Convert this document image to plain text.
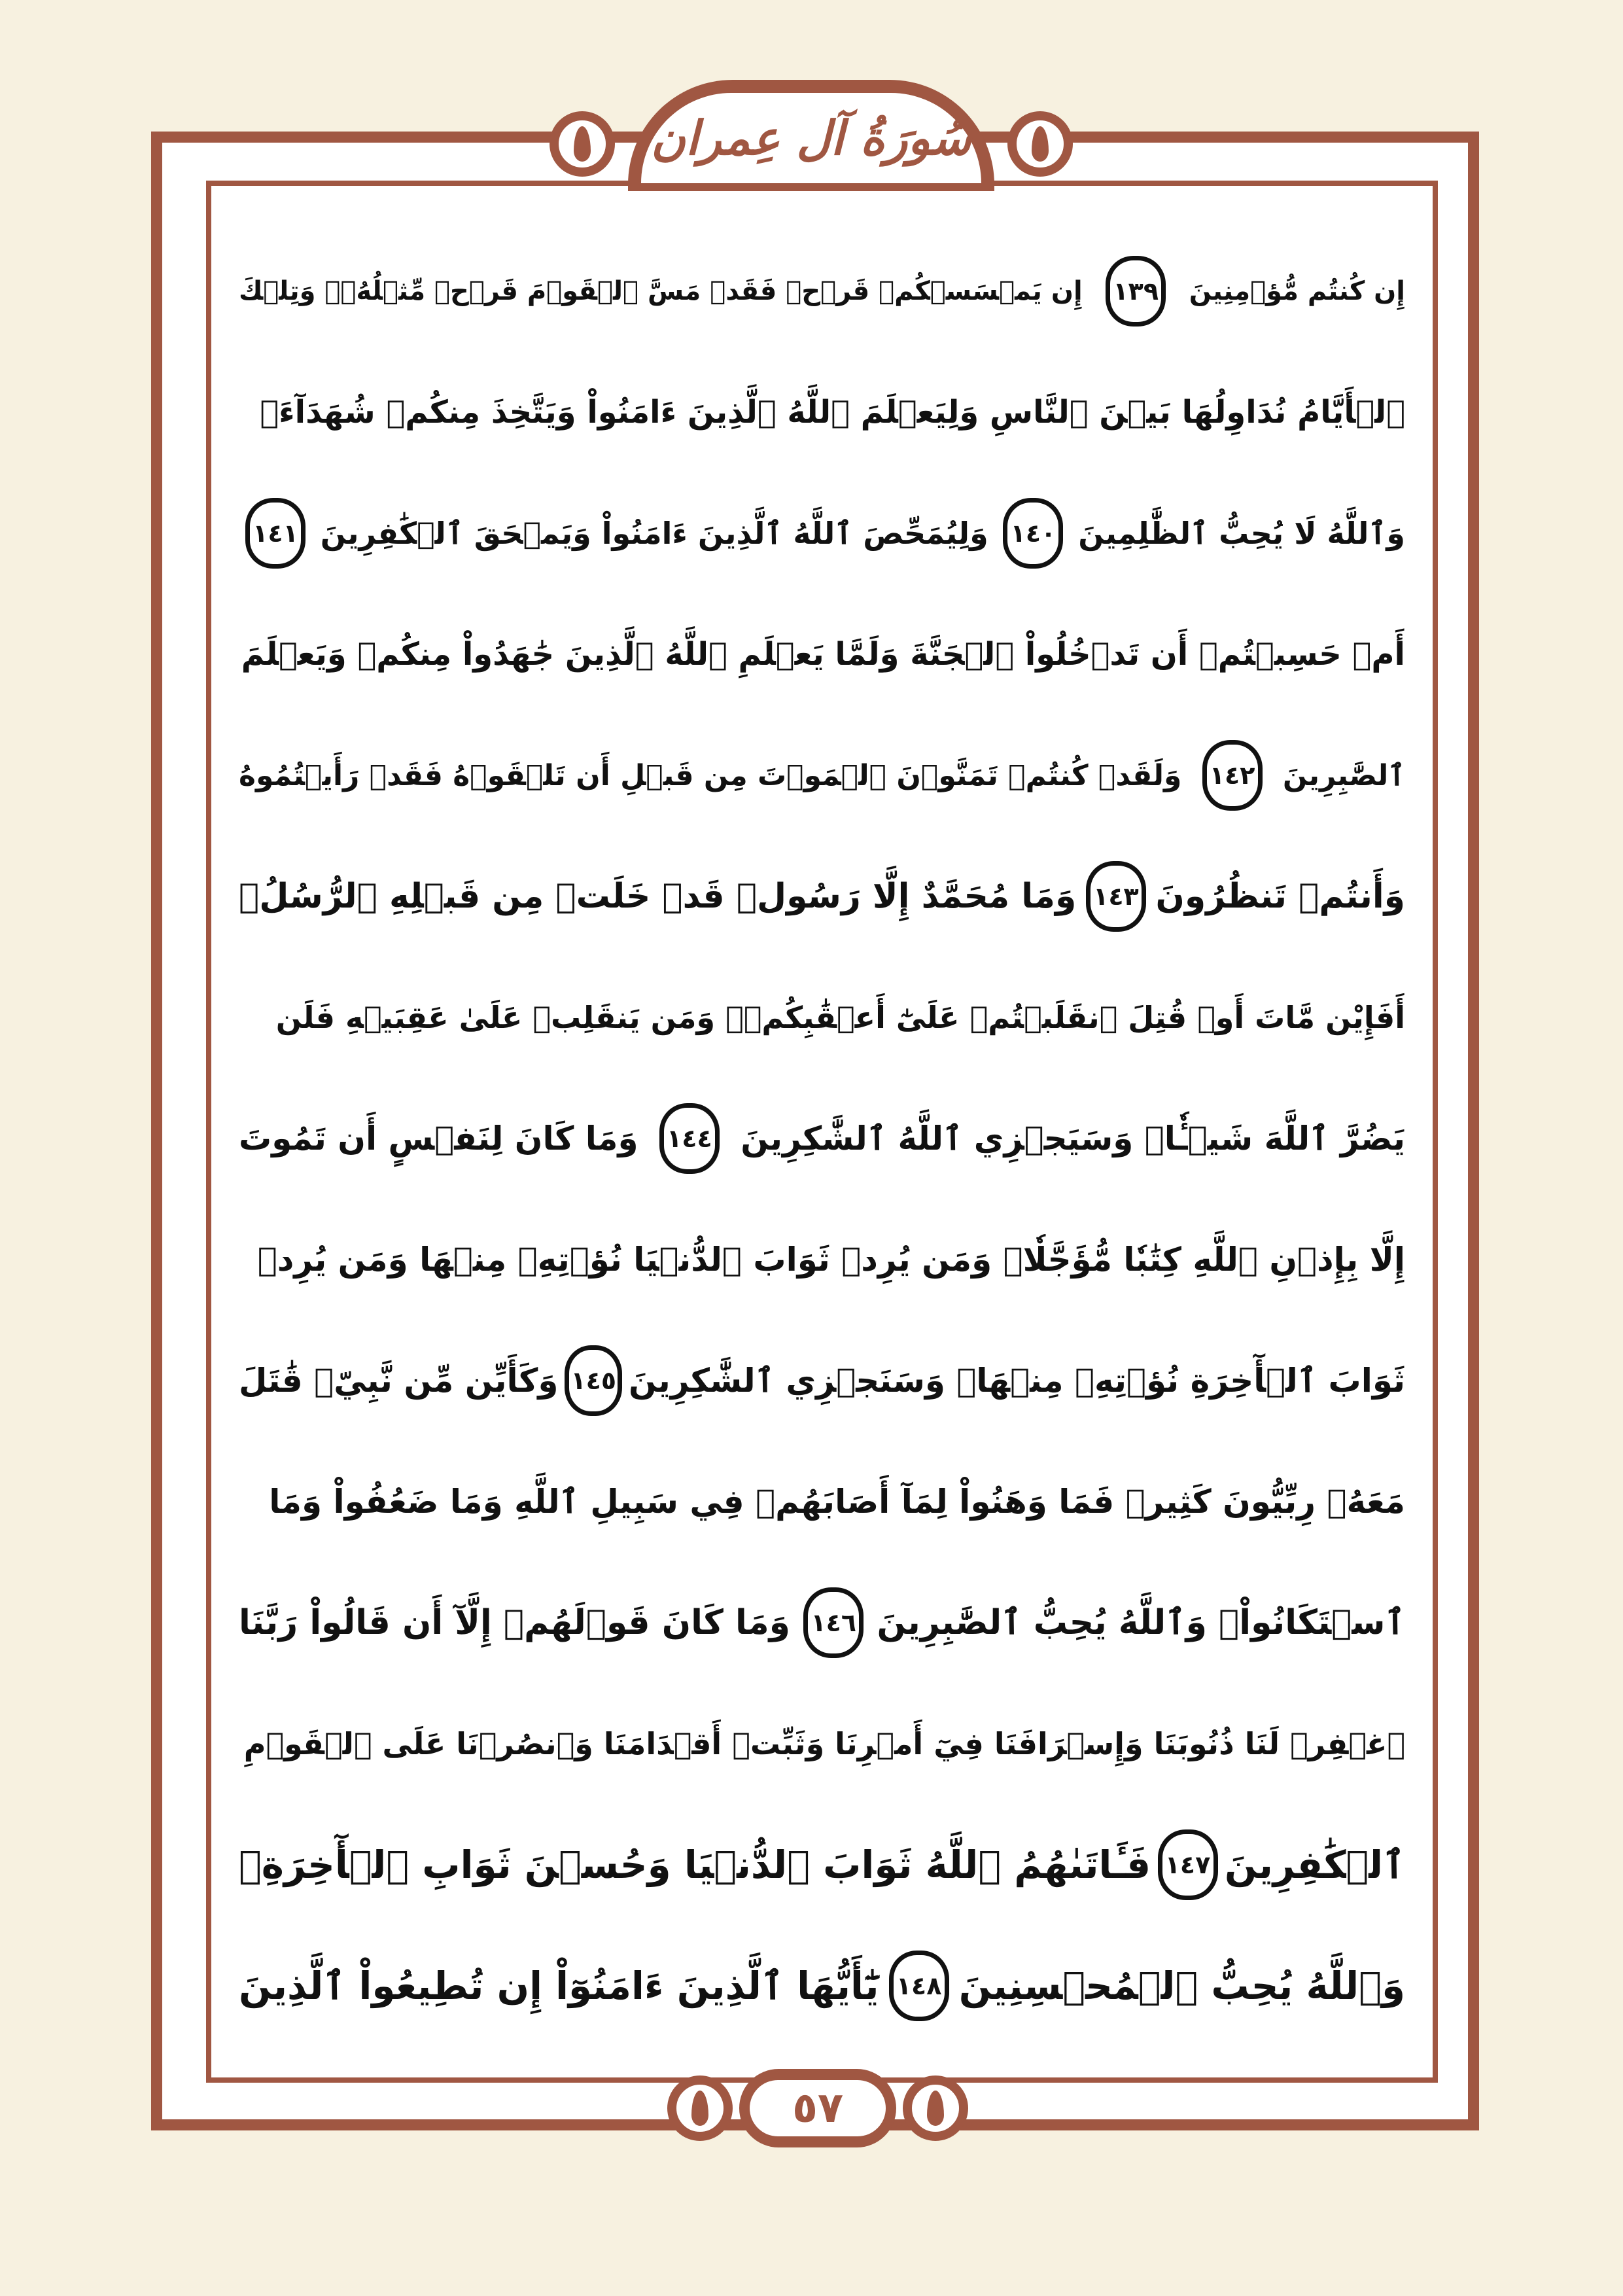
سُورَةُ آل عِمران
إِن كُنتُم مُّؤۡمِنِينَ
١٣٩
إِن يَمۡسَسۡكُمۡ قَرۡحٞ فَقَدۡ مَسَّ ٱلۡقَوۡمَ قَرۡحٞ مِّثۡلُهُۥۚ وَتِلۡكَ
ٱلۡأَيَّامُ نُدَاوِلُهَا بَيۡنَ ٱلنَّاسِ وَلِيَعۡلَمَ ٱللَّهُ ٱلَّذِينَ ءَامَنُواْ وَيَتَّخِذَ مِنكُمۡ شُهَدَآءَۗ
وَٱللَّهُ لَا يُحِبُّ ٱلظَّٰلِمِينَ
١٤٠
وَلِيُمَحِّصَ ٱللَّهُ ٱلَّذِينَ ءَامَنُواْ وَيَمۡحَقَ ٱلۡكَٰفِرِينَ
١٤١
أَمۡ حَسِبۡتُمۡ أَن تَدۡخُلُواْ ٱلۡجَنَّةَ وَلَمَّا يَعۡلَمِ ٱللَّهُ ٱلَّذِينَ جَٰهَدُواْ مِنكُمۡ وَيَعۡلَمَ
ٱلصَّٰبِرِينَ
١٤٢
وَلَقَدۡ كُنتُمۡ تَمَنَّوۡنَ ٱلۡمَوۡتَ مِن قَبۡلِ أَن تَلۡقَوۡهُ فَقَدۡ رَأَيۡتُمُوهُ
وَأَنتُمۡ تَنظُرُونَ
١٤٣
وَمَا مُحَمَّدٌ إِلَّا رَسُولٞ قَدۡ خَلَتۡ مِن قَبۡلِهِ ٱلرُّسُلُۚ
أَفَإِيْن مَّاتَ أَوۡ قُتِلَ ٱنقَلَبۡتُمۡ عَلَىٰٓ أَعۡقَٰبِكُمۡۚ وَمَن يَنقَلِبۡ عَلَىٰ عَقِبَيۡهِ فَلَن
يَضُرَّ ٱللَّهَ شَيۡـٔٗاۗ وَسَيَجۡزِي ٱللَّهُ ٱلشَّٰكِرِينَ
١٤٤
وَمَا كَانَ لِنَفۡسٍ أَن تَمُوتَ
إِلَّا بِإِذۡنِ ٱللَّهِ كِتَٰبٗا مُّؤَجَّلٗاۗ وَمَن يُرِدۡ ثَوَابَ ٱلدُّنۡيَا نُؤۡتِهِۦ مِنۡهَا وَمَن يُرِدۡ
ثَوَابَ ٱلۡأٓخِرَةِ نُؤۡتِهِۦ مِنۡهَاۚ وَسَنَجۡزِي ٱلشَّٰكِرِينَ
١٤٥
وَكَأَيِّن مِّن نَّبِيّٖ قَٰتَلَ
مَعَهُۥ رِبِّيُّونَ كَثِيرٞ فَمَا وَهَنُواْ لِمَآ أَصَابَهُمۡ فِي سَبِيلِ ٱللَّهِ وَمَا ضَعُفُواْ وَمَا
ٱسۡتَكَانُواْۗ وَٱللَّهُ يُحِبُّ ٱلصَّٰبِرِينَ
١٤٦
وَمَا كَانَ قَوۡلَهُمۡ إِلَّآ أَن قَالُواْ رَبَّنَا
ٱغۡفِرۡ لَنَا ذُنُوبَنَا وَإِسۡرَافَنَا فِيٓ أَمۡرِنَا وَثَبِّتۡ أَقۡدَامَنَا وَٱنصُرۡنَا عَلَى ٱلۡقَوۡمِ
ٱلۡكَٰفِرِينَ
١٤٧
فَـَٔاتَىٰهُمُ ٱللَّهُ ثَوَابَ ٱلدُّنۡيَا وَحُسۡنَ ثَوَابِ ٱلۡأٓخِرَةِۗ
وَٱللَّهُ يُحِبُّ ٱلۡمُحۡسِنِينَ
١٤٨
يَٰٓأَيُّهَا ٱلَّذِينَ ءَامَنُوٓاْ إِن تُطِيعُواْ ٱلَّذِينَ
٥٧
